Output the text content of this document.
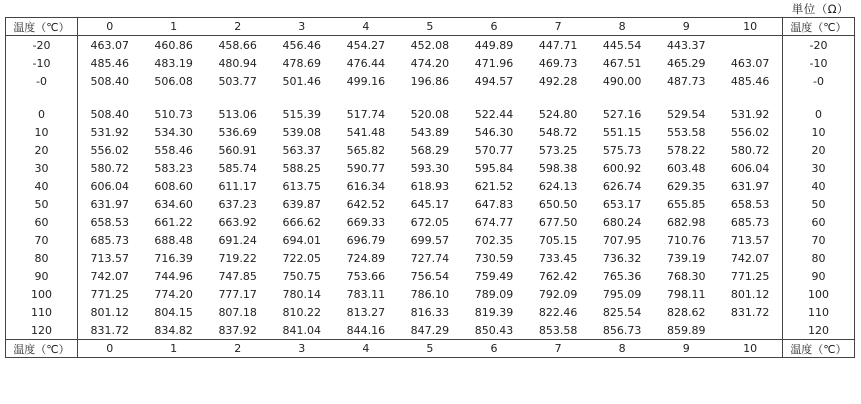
単位（Ω）
温度（℃）	0	1	2	3	4	5	6	7	8	9	10	温度（℃）
-20	463.07	460.86	458.66	456.46	454.27	452.08	449.89	447.71	445.54	443.37		-20
-10	485.46	483.19	480.94	478.69	476.44	474.20	471.96	469.73	467.51	465.29	463.07	-10
-0	508.40	506.08	503.77	501.46	499.16	196.86	494.57	492.28	490.00	487.73	485.46	-0

0	508.40	510.73	513.06	515.39	517.74	520.08	522.44	524.80	527.16	529.54	531.92	0
10	531.92	534.30	536.69	539.08	541.48	543.89	546.30	548.72	551.15	553.58	556.02	10
20	556.02	558.46	560.91	563.37	565.82	568.29	570.77	573.25	575.73	578.22	580.72	20
30	580.72	583.23	585.74	588.25	590.77	593.30	595.84	598.38	600.92	603.48	606.04	30
40	606.04	608.60	611.17	613.75	616.34	618.93	621.52	624.13	626.74	629.35	631.97	40
50	631.97	634.60	637.23	639.87	642.52	645.17	647.83	650.50	653.17	655.85	658.53	50
60	658.53	661.22	663.92	666.62	669.33	672.05	674.77	677.50	680.24	682.98	685.73	60
70	685.73	688.48	691.24	694.01	696.79	699.57	702.35	705.15	707.95	710.76	713.57	70
80	713.57	716.39	719.22	722.05	724.89	727.74	730.59	733.45	736.32	739.19	742.07	80
90	742.07	744.96	747.85	750.75	753.66	756.54	759.49	762.42	765.36	768.30	771.25	90
100	771.25	774.20	777.17	780.14	783.11	786.10	789.09	792.09	795.09	798.11	801.12	100
110	801.12	804.15	807.18	810.22	813.27	816.33	819.39	822.46	825.54	828.62	831.72	110
120	831.72	834.82	837.92	841.04	844.16	847.29	850.43	853.58	856.73	859.89		120
温度（℃）	0	1	2	3	4	5	6	7	8	9	10	温度（℃）
